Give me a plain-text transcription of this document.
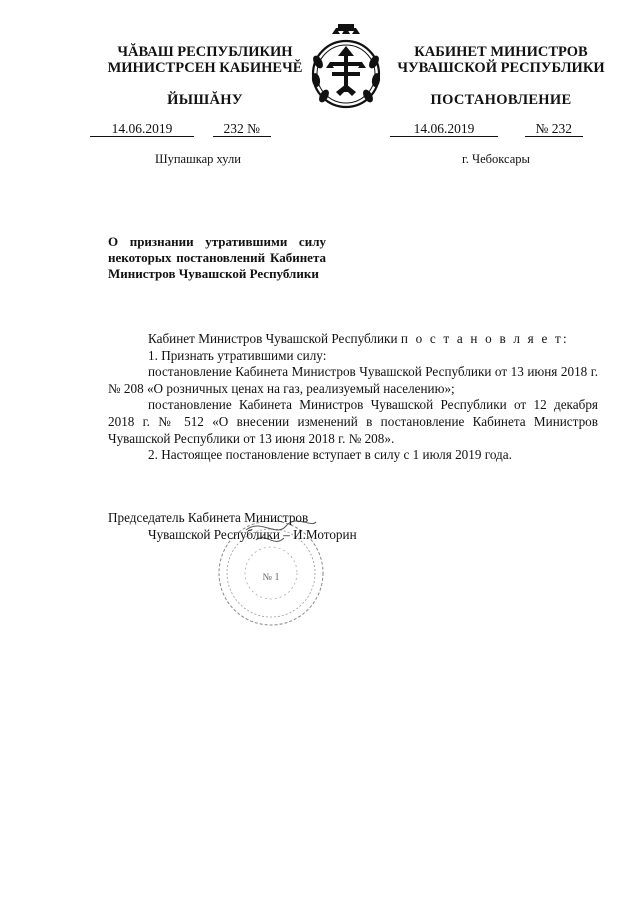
ЧĂВАШ РЕСПУБЛИКИН
МИНИСТРСЕН КАБИНЕЧĔ
ЙЫШĂНУ
КАБИНЕТ МИНИСТРОВ
ЧУВАШСКОЙ РЕСПУБЛИКИ
ПОСТАНОВЛЕНИЕ
14.06.2019	232 №	14.06.2019	№ 232
Шупашкар хули	г. Чебоксары
О признании утратившими силу некоторых постановлений Кабинета Министров Чувашской Республики

Кабинет Министров Чувашской Республики п о с т а н о в л я е т:

1. Признать утратившими силу:

постановление Кабинета Министров Чувашской Республики от 13 июня 2018 г. № 208 «О розничных ценах на газ, реализуемый населению»;

постановление Кабинета Министров Чувашской Республики от 12 декабря 2018 г. № 512 «О внесении изменений в постановление Кабинета Министров Чувашской Республики от 13 июня 2018 г. № 208».

2. Настоящее постановление вступает в силу с 1 июля 2019 года.

№ 1
Председатель Кабинета Министров
Чувашской Республики – И.Моторин
